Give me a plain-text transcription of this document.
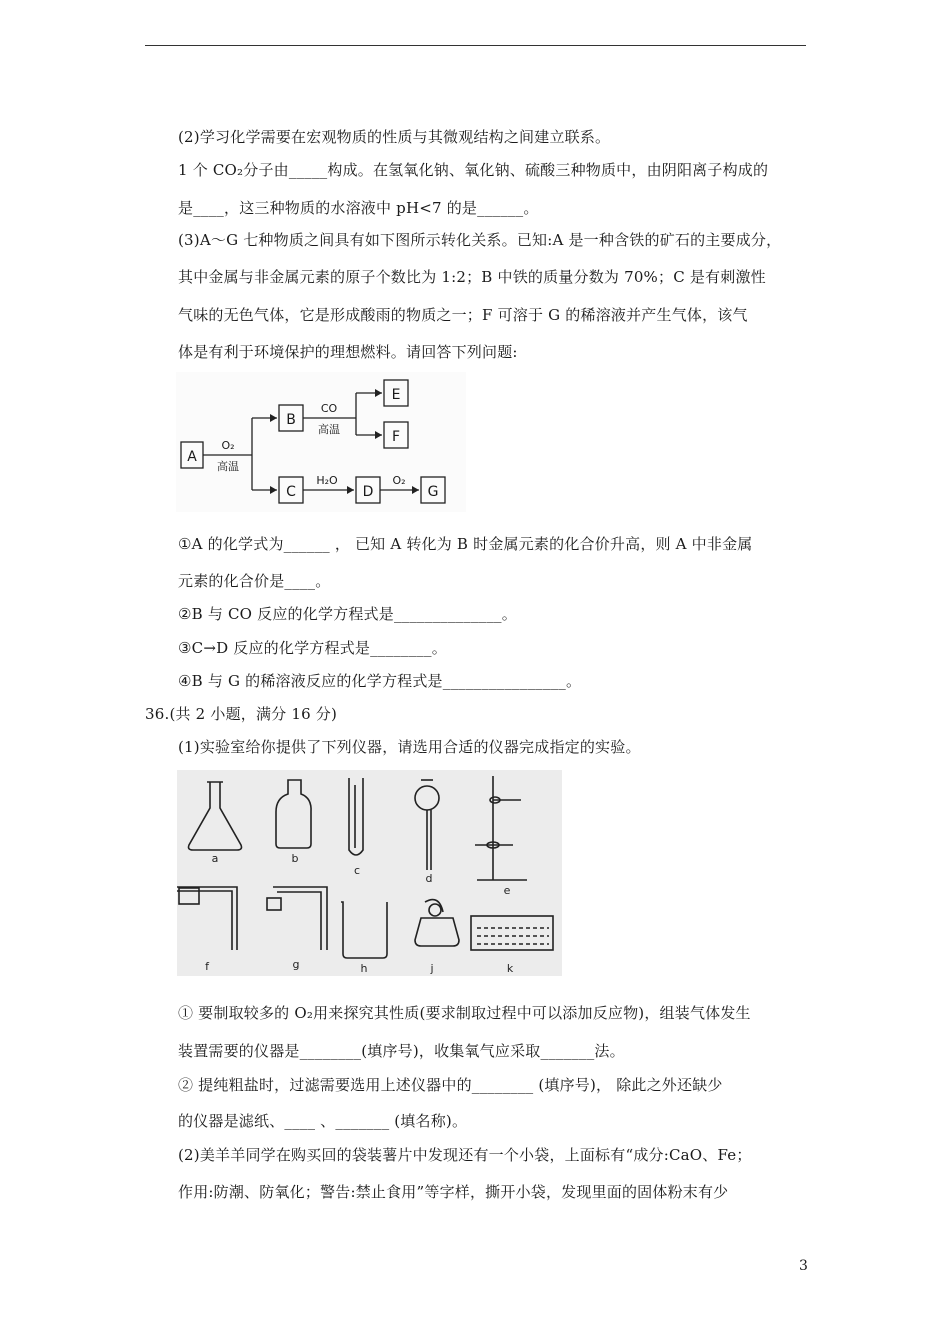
(2)学习化学需要在宏观物质的性质与其微观结构之间建立联系。
1 个 CO₂分子由_____构成。在氢氧化钠、氧化钠、硫酸三种物质中，由阴阳离子构成的
是____，这三种物质的水溶液中 pH<7 的是______。
(3)A～G 七种物质之间具有如下图所示转化关系。已知:A 是一种含铁的矿石的主要成分，
其中金属与非金属元素的原子个数比为 1:2；B 中铁的质量分数为 70%；C 是有刺激性
气味的无色气体，它是形成酸雨的物质之一；F 可溶于 G 的稀溶液并产生气体，该气
体是有利于环境保护的理想燃料。请回答下列问题:
A
B
C	D	G
E
F
O₂
高温
CO
高温
H₂O	O₂
①A 的化学式为______ ， 已知 A 转化为 B 时金属元素的化合价升高，则 A 中非金属
元素的化合价是____。
②B 与 CO 反应的化学方程式是______________。
③C→D 反应的化学方程式是________。
④B 与 G 的稀溶液反应的化学方程式是________________。
36.(共 2 小题，满分 16 分)
(1)实验室给你提供了下列仪器，请选用合适的仪器完成指定的实验。
a	b
c
d
e
f	g	h	j	k
① 要制取较多的 O₂用来探究其性质(要求制取过程中可以添加反应物)，组装气体发生
装置需要的仪器是________(填序号)，收集氧气应采取_______法。
② 提纯粗盐时，过滤需要选用上述仪器中的________ (填序号)， 除此之外还缺少
的仪器是滤纸、____ 、_______ (填名称)。
(2)美羊羊同学在购买回的袋装薯片中发现还有一个小袋，上面标有“成分:CaO、Fe；
作用:防潮、防氧化；警告:禁止食用”等字样，撕开小袋，发现里面的固体粉末有少
3
